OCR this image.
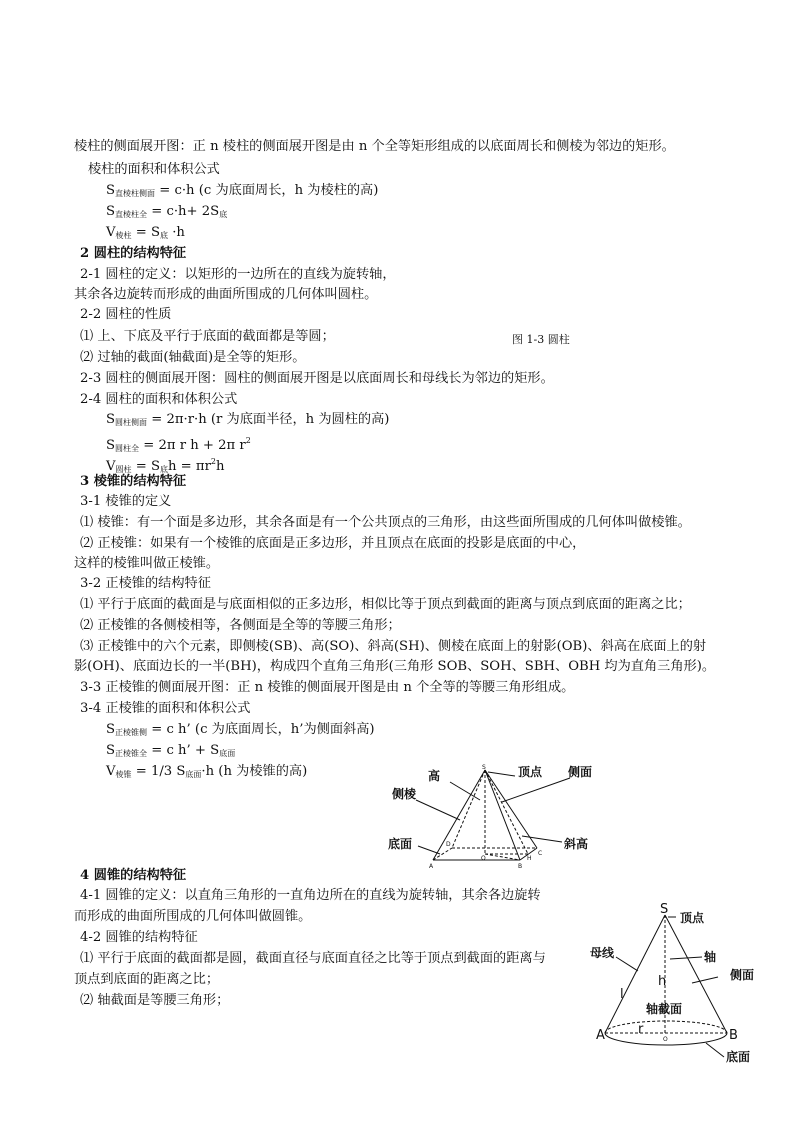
棱柱的侧面展开图：正 n 棱柱的侧面展开图是由 n 个全等矩形组成的以底面周长和侧棱为邻边的矩形。
棱柱的面积和体积公式
$S_{直棱柱侧面} = c\cdot h$ (c 为底面周长，h 为棱柱的高)
$S_{直棱柱全} = c\cdot h+ 2S_底$
$V_{棱柱} = S_底 \cdot h$
2 圆柱的结构特征
2-1 圆柱的定义：以矩形的一边所在的直线为旋转轴，
其余各边旋转而形成的曲面所围成的几何体叫圆柱。
2-2 圆柱的性质
⑴ 上、下底及平行于底面的截面都是等圆；	图 1-3 圆柱
⑵ 过轴的截面(轴截面)是全等的矩形。
2-3 圆柱的侧面展开图：圆柱的侧面展开图是以底面周长和母线长为邻边的矩形。
2-4 圆柱的面积和体积公式
$S_{圆柱侧面} = 2\pi\cdot r\cdot h$ (r 为底面半径，h 为圆柱的高)
$S_{圆柱全} = 2\pi$ r h + 2π $r^2$
$V_{圆柱} = S_底h = \pi r^2h$
3 棱锥的结构特征
3-1 棱锥的定义
⑴ 棱锥：有一个面是多边形，其余各面是有一个公共顶点的三角形，由这些面所围成的几何体叫做棱锥。
⑵ 正棱锥：如果有一个棱锥的底面是正多边形，并且顶点在底面的投影是底面的中心，
这样的棱锥叫做正棱锥。
3-2 正棱锥的结构特征
⑴ 平行于底面的截面是与底面相似的正多边形，相似比等于顶点到截面的距离与顶点到底面的距离之比；
⑵ 正棱锥的各侧棱相等，各侧面是全等的等腰三角形；
⑶ 正棱锥中的六个元素，即侧棱(SB)、高(SO)、斜高(SH)、侧棱在底面上的射影(OB)、斜高在底面上的射
影(OH)、底面边长的一半(BH)，构成四个直角三角形(三角形 SOB、SOH、SBH、OBH 均为直角三角形)。
3-3 正棱锥的侧面展开图：正 n 棱锥的侧面展开图是由 n 个全等的等腰三角形组成。
3-4 正棱锥的面积和体积公式
$S_{正棱锥侧} = c$ h’ (c 为底面周长，h’为侧面斜高)
$S_{正棱锥全} = c$ h’ + $S_{底面}$
$V_{棱锥} = 1/3$ $S_{底面}\cdot h$ (h 为棱锥的高)
4 圆锥的结构特征
4-1 圆锥的定义：以直角三角形的一直角边所在的直线为旋转轴，其余各边旋转
而形成的曲面所围成的几何体叫做圆锥。
4-2 圆锥的结构特征
⑴ 平行于底面的截面都是圆，截面直径与底面直径之比等于顶点到截面的距离与
顶点到底面的距离之比；
⑵ 轴截面是等腰三角形；
高	顶点 侧面
侧棱
底面	斜高
S
A	B
C
D
O	H
S
顶点
母线	轴
侧面
轴截面
底面
h
l
r
O
A	B
